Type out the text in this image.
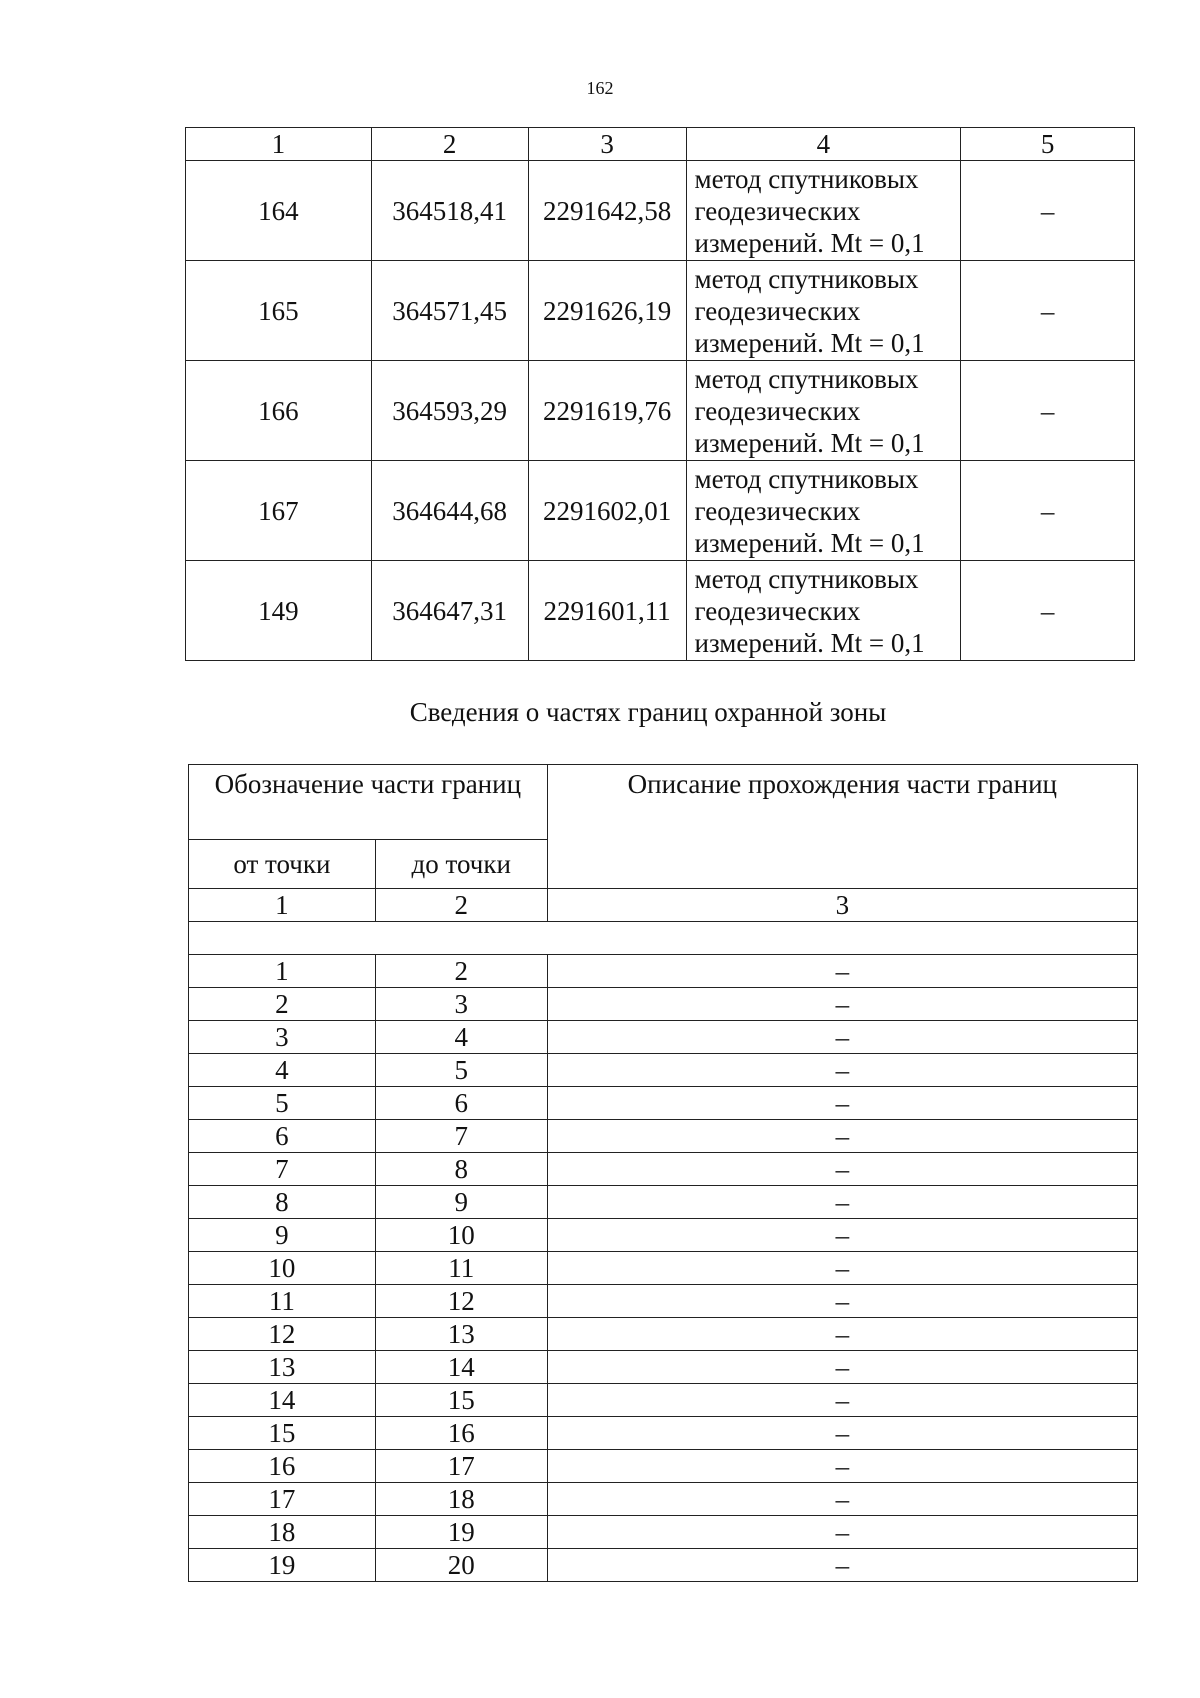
162
1	2	3	4	5
164	364518,41	2291642,58	метод спутниковых
геодезических
измерений. Mt = 0,1	–
165	364571,45	2291626,19	метод спутниковых
геодезических
измерений. Mt = 0,1	–
166	364593,29	2291619,76	метод спутниковых
геодезических
измерений. Mt = 0,1	–
167	364644,68	2291602,01	метод спутниковых
геодезических
измерений. Mt = 0,1	–
149	364647,31	2291601,11	метод спутниковых
геодезических
измерений. Mt = 0,1	–
Сведения о частях границ охранной зоны
Обозначение части границ		Описание прохождения части границ
от точки	до точки	
1	2	3

1	2	–
2	3	–
3	4	–
4	5	–
5	6	–
6	7	–
7	8	–
8	9	–
9	10	–
10	11	–
11	12	–
12	13	–
13	14	–
14	15	–
15	16	–
16	17	–
17	18	–
18	19	–
19	20	–
